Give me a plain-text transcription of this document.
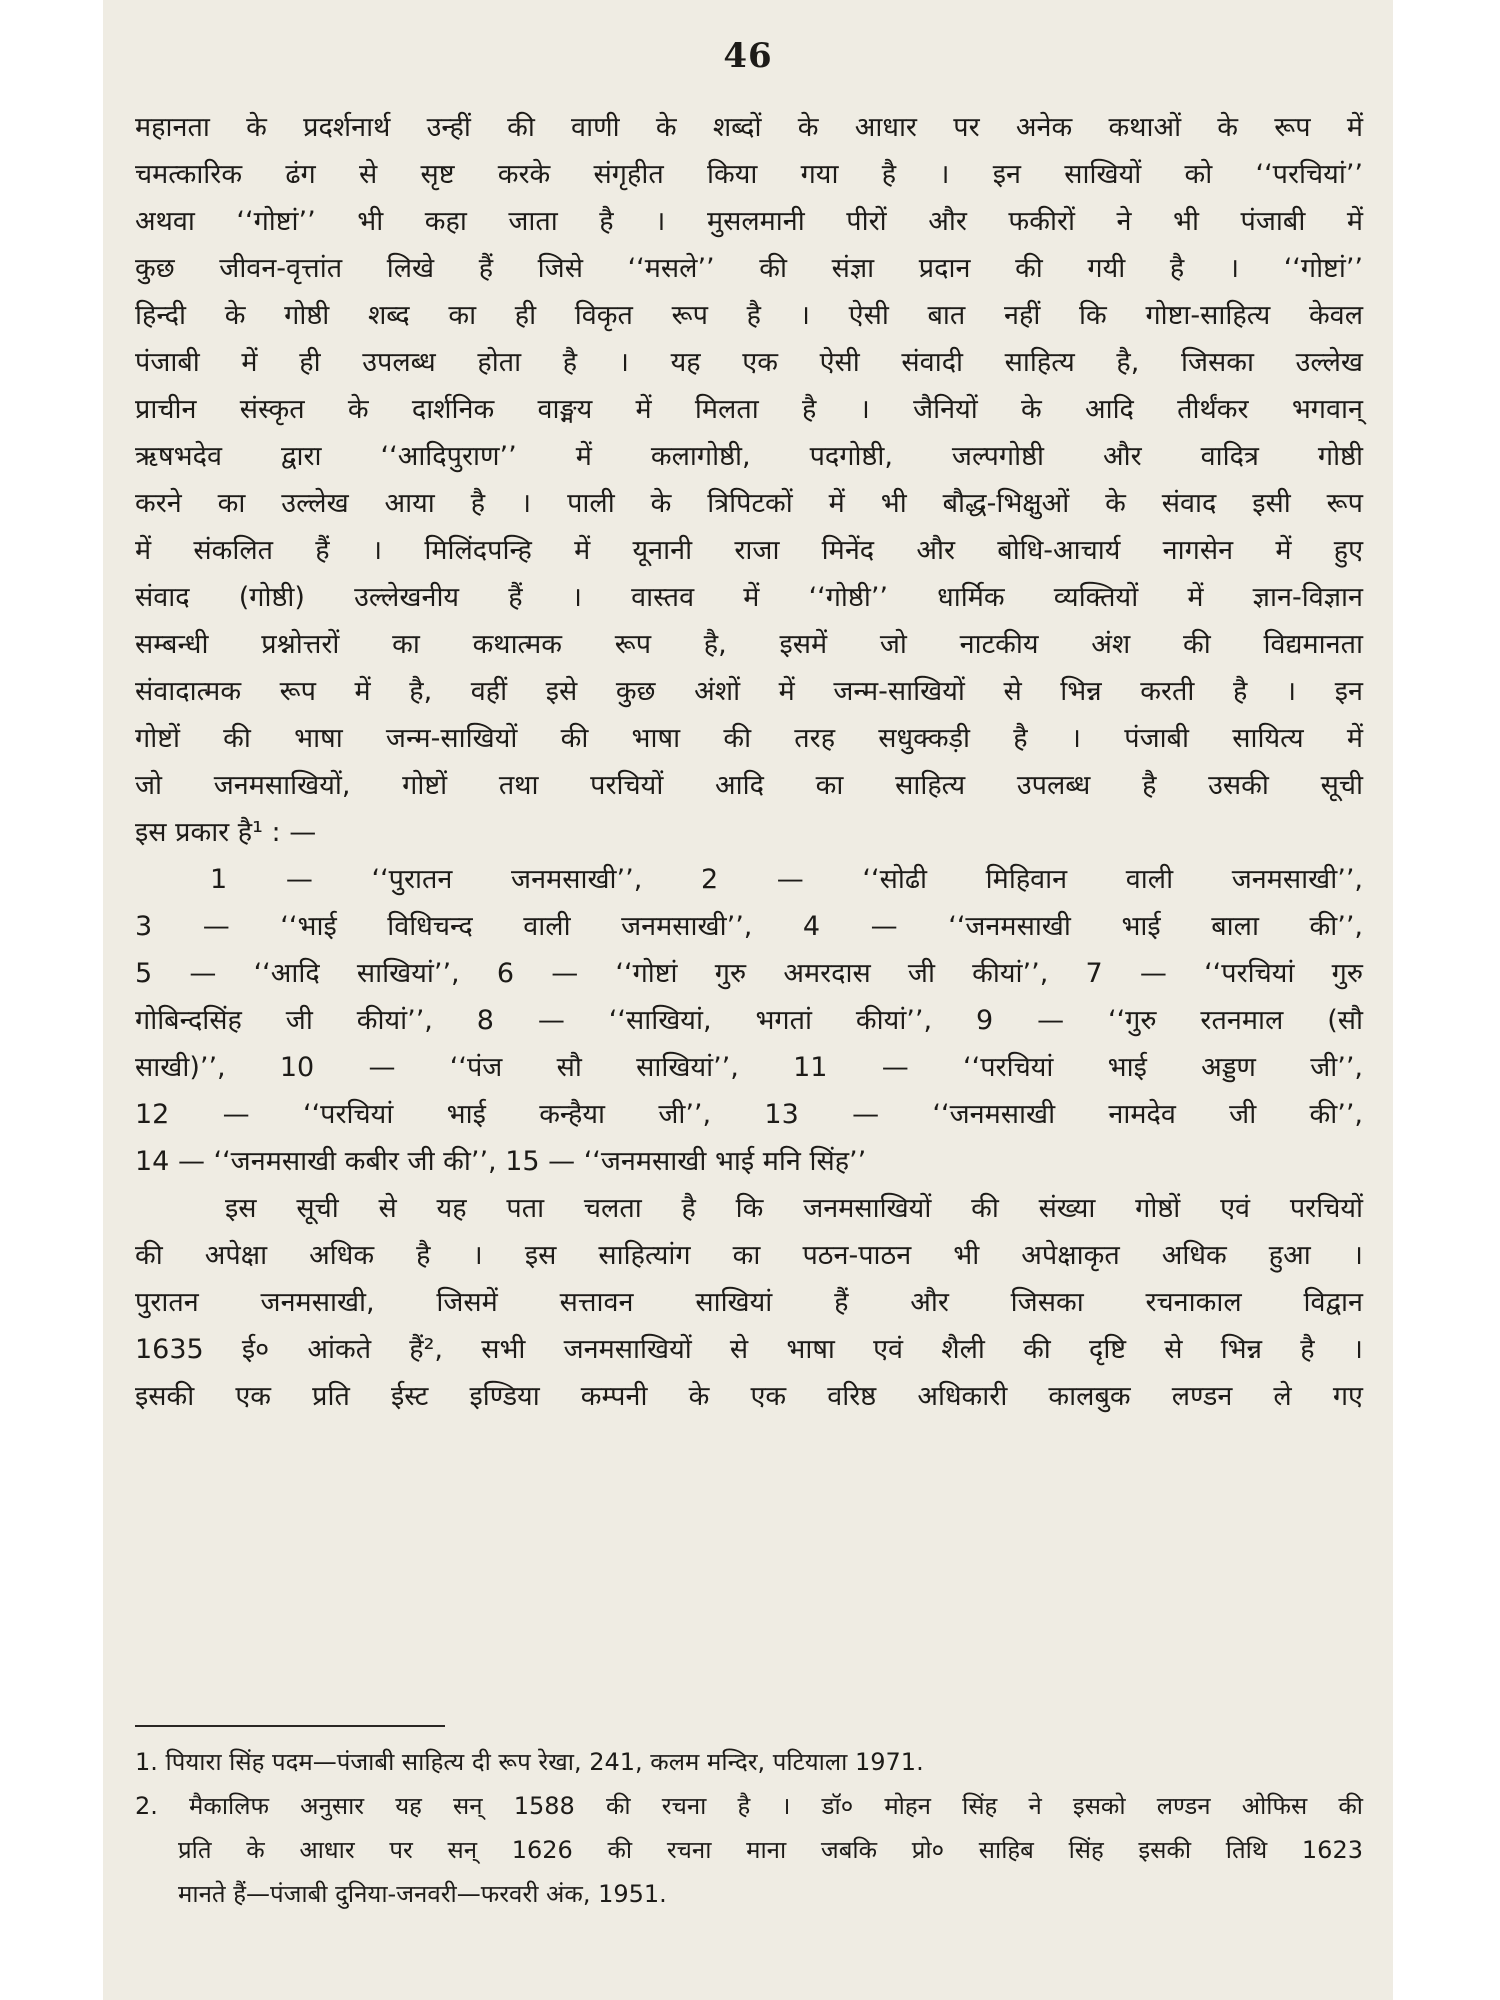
46
महानता के प्रदर्शनार्थ उन्हीं की वाणी के शब्दों के आधार पर अनेक कथाओं के रूप में
चमत्कारिक ढंग से सृष्ट करके संगृहीत किया गया है । इन साखियों को ‘‘परचियां’’
अथवा ‘‘गोष्टां’’ भी कहा जाता है । मुसलमानी पीरों और फकीरों ने भी पंजाबी में
कुछ जीवन-वृत्तांत लिखे हैं जिसे ‘‘मसले’’ की संज्ञा प्रदान की गयी है । ‘‘गोष्टां’’
हिन्दी के गोष्ठी शब्द का ही विकृत रूप है । ऐसी बात नहीं कि गोष्टा-साहित्य केवल
पंजाबी में ही उपलब्ध होता है । यह एक ऐसी संवादी साहित्य है, जिसका उल्लेख
प्राचीन संस्कृत के दार्शनिक वाङ्मय में मिलता है । जैनियों के आदि तीर्थंकर भगवान्
ऋषभदेव द्वारा ‘‘आदिपुराण’’ में कलागोष्ठी, पदगोष्ठी, जल्पगोष्ठी और वादित्र गोष्ठी
करने का उल्लेख आया है । पाली के त्रिपिटकों में भी बौद्ध-भिक्षुओं के संवाद इसी रूप
में संकलित हैं । मिलिंदपन्हि में यूनानी राजा मिनेंद और बोधि-आचार्य नागसेन में हुए
संवाद (गोष्ठी) उल्लेखनीय हैं । वास्तव में ‘‘गोष्ठी’’ धार्मिक व्यक्तियों में ज्ञान-विज्ञान
सम्बन्धी प्रश्नोत्तरों का कथात्मक रूप है, इसमें जो नाटकीय अंश की विद्यमानता
संवादात्मक रूप में है, वहीं इसे कुछ अंशों में जन्म-साखियों से भिन्न करती है । इन
गोष्टों की भाषा जन्म-साखियों की भाषा की तरह सधुक्कड़ी है । पंजाबी सायित्य में
जो जनमसाखियों, गोष्टों तथा परचियों आदि का साहित्य उपलब्ध है उसकी सूची
इस प्रकार है¹ : —
1 — ‘‘पुरातन जनमसाखी’’, 2 — ‘‘सोढी मिहिवान वाली जनमसाखी’’,
3 — ‘‘भाई विधिचन्द वाली जनमसाखी’’, 4 — ‘‘जनमसाखी भाई बाला की’’,
5 — ‘‘आदि साखियां’’, 6 — ‘‘गोष्टां गुरु अमरदास जी कीयां’’, 7 — ‘‘परचियां गुरु
गोबिन्दसिंह जी कीयां’’, 8 — ‘‘साखियां, भगतां कीयां’’, 9 — ‘‘गुरु रतनमाल (सौ
साखी)’’, 10 — ‘‘पंज सौ साखियां’’, 11 — ‘‘परचियां भाई अड्डण जी’’,
12 — ‘‘परचियां भाई कन्हैया जी’’, 13 — ‘‘जनमसाखी नामदेव जी की’’,
14 — ‘‘जनमसाखी कबीर जी की’’, 15 — ‘‘जनमसाखी भाई मनि सिंह’’
इस सूची से यह पता चलता है कि जनमसाखियों की संख्या गोष्ठों एवं परचियों
की अपेक्षा अधिक है । इस साहित्यांग का पठन-पाठन भी अपेक्षाकृत अधिक हुआ ।
पुरातन जनमसाखी, जिसमें सत्तावन साखियां हैं और जिसका रचनाकाल विद्वान
1635 ई० आंकते हैं², सभी जनमसाखियों से भाषा एवं शैली की दृष्टि से भिन्न है ।
इसकी एक प्रति ईस्ट इण्डिया कम्पनी के एक वरिष्ठ अधिकारी कालबुक लण्डन ले गए
1. पियारा सिंह पदम—पंजाबी साहित्य दी रूप रेखा, 241, कलम मन्दिर, पटियाला 1971.
2. मैकालिफ अनुसार यह सन् 1588 की रचना है । डॉ० मोहन सिंह ने इसको लण्डन ओफिस की
प्रति के आधार पर सन् 1626 की रचना माना जबकि प्रो० साहिब सिंह इसकी तिथि 1623
मानते हैं—पंजाबी दुनिया-जनवरी—फरवरी अंक, 1951.
